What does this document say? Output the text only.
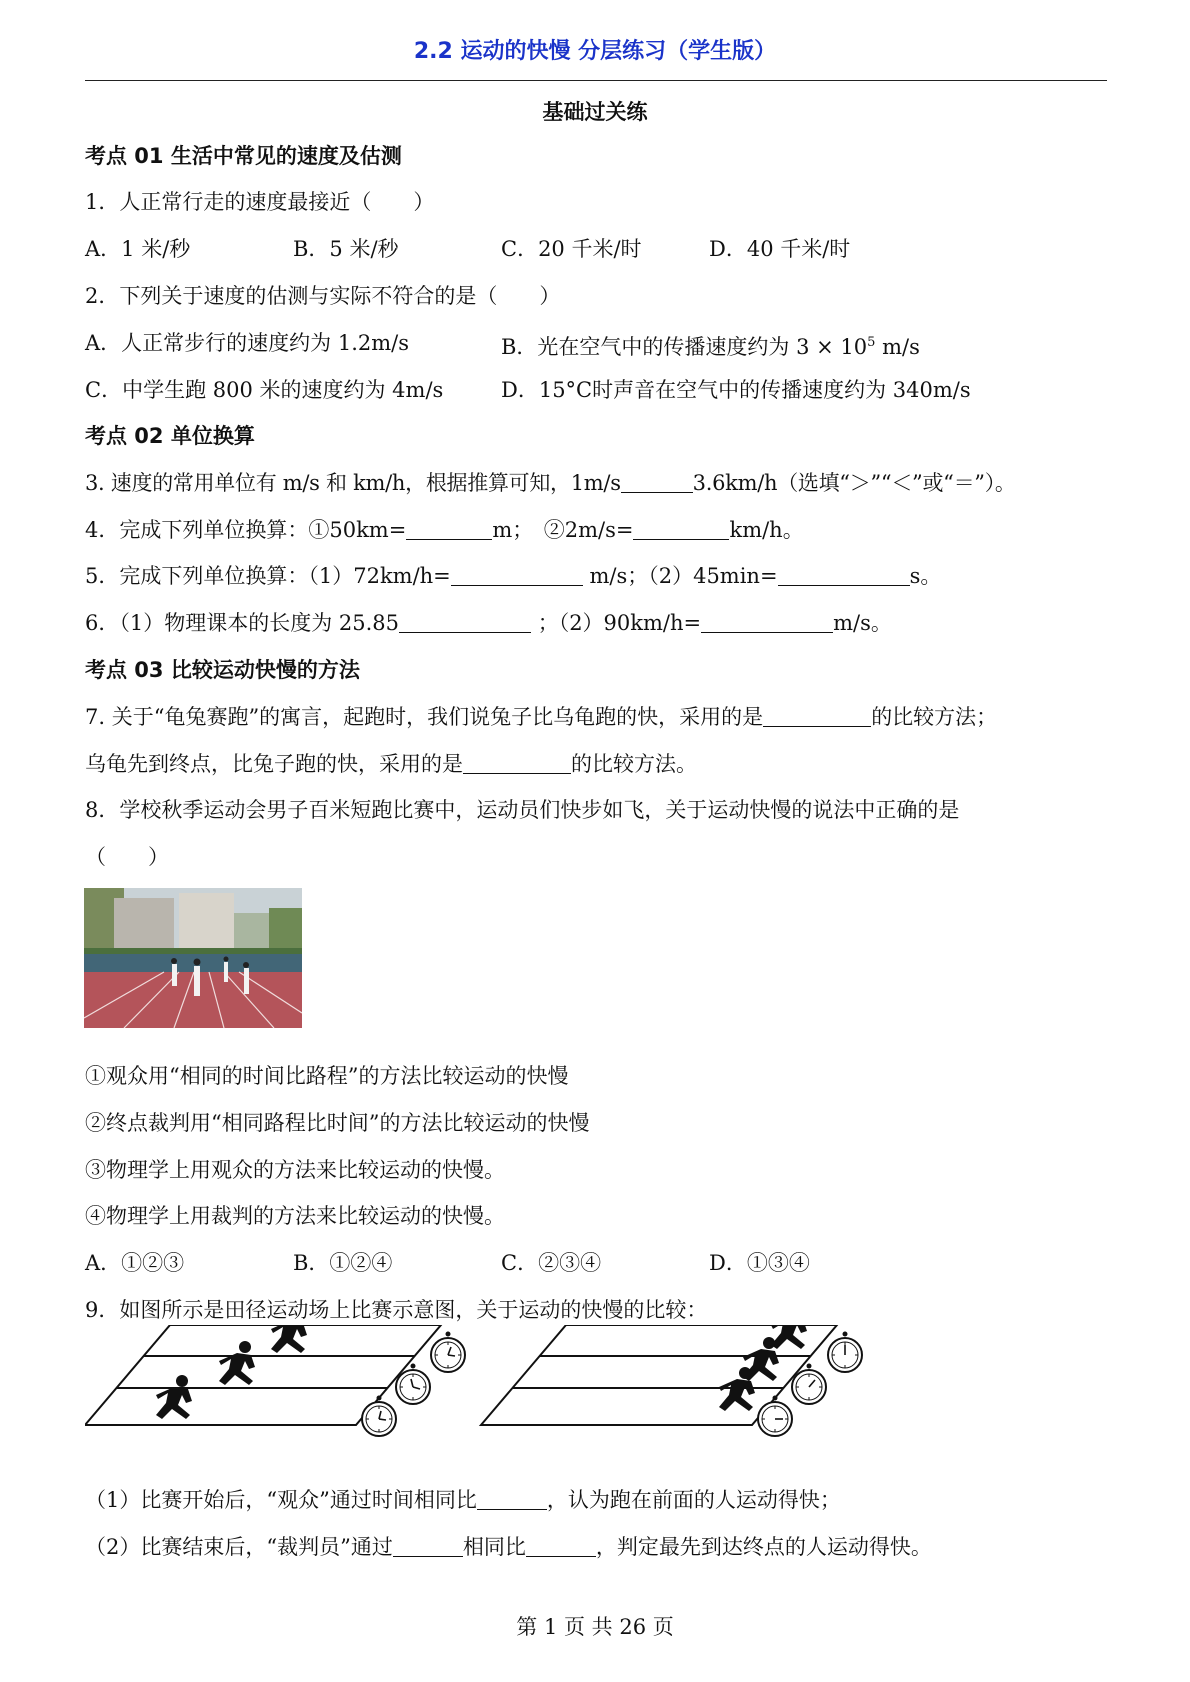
2.2 运动的快慢 分层练习（学生版）
基础过关练
考点 01 生活中常见的速度及估测
1．人正常行走的速度最接近（　　）
A．1 米/秒	B．5 米/秒	C．20 千米/时	D．40 千米/时
2．下列关于速度的估测与实际不符合的是（　　）
A．人正常步行的速度约为 1.2m/s	B．光在空气中的传播速度约为 $3 \times 10^5$ m/s
C．中学生跑 800 米的速度约为 4m/s	D．15°C时声音在空气中的传播速度约为 340m/s
考点 02 单位换算
3. 速度的常用单位有 m/s 和 km/h，根据推算可知，1m/s	3.6km/h（选填“＞”“＜”或“＝”）。
4．完成下列单位换算：①50km=	m；　②2m/s=	km/h。
5．完成下列单位换算：（1）72km/h=	m/s；（2）45min=	s。
6．（1）物理课本的长度为 25.85	；（2）90km/h=	m/s。
考点 03 比较运动快慢的方法
7. 关于“龟兔赛跑”的寓言，起跑时，我们说兔子比乌龟跑的快，采用的是	的比较方法；
乌龟先到终点，比兔子跑的快，采用的是	的比较方法。
8．学校秋季运动会男子百米短跑比赛中，运动员们快步如飞，关于运动快慢的说法中正确的是
（　　）
①观众用“相同的时间比路程”的方法比较运动的快慢
②终点裁判用“相同路程比时间”的方法比较运动的快慢
③物理学上用观众的方法来比较运动的快慢。
④物理学上用裁判的方法来比较运动的快慢。
A．①②③	B．①②④	C．②③④	D．①③④
9．如图所示是田径运动场上比赛示意图，关于运动的快慢的比较：
（1）比赛开始后，“观众”通过时间相同比	，认为跑在前面的人运动得快；
（2）比赛结束后，“裁判员”通过	相同比	，判定最先到达终点的人运动得快。
第 1 页 共 26 页
